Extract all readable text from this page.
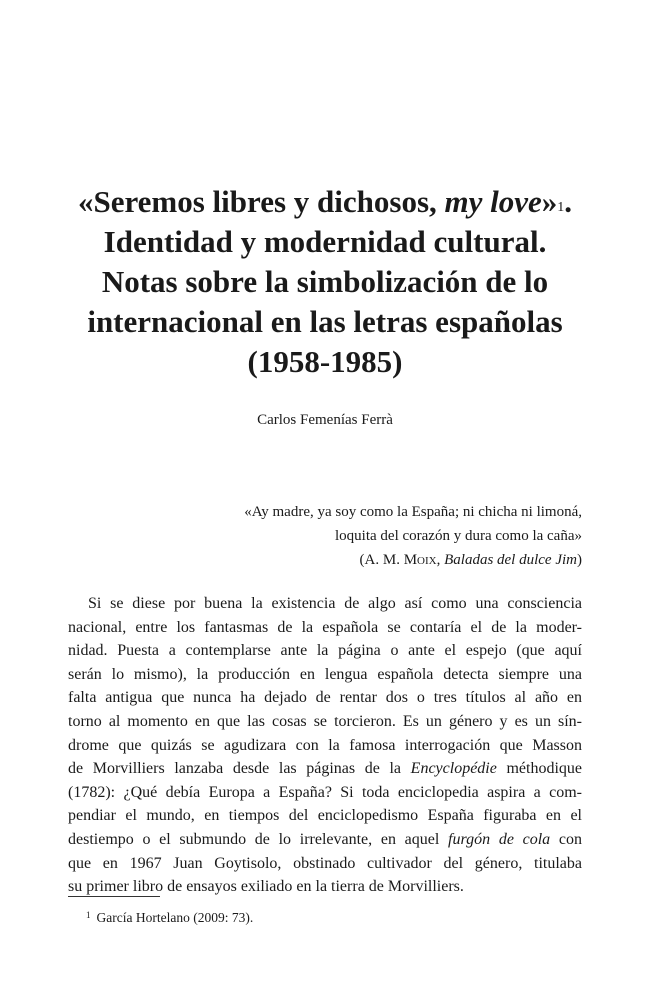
«Seremos libres y dichosos, my love»$^1$.
Identidad y modernidad cultural.
Notas sobre la simbolización de lo
internacional en las letras españolas
(1958-1985)
Carlos Femenías Ferrà
«Ay madre, ya soy como la España; ni chicha ni limoná,
loquita del corazón y dura como la caña»
(A. M. Moix, Baladas del dulce Jim)
Si se diese por buena la existencia de algo así como una consciencia
nacional, entre los fantasmas de la española se contaría el de la moder-
nidad. Puesta a contemplarse ante la página o ante el espejo (que aquí
serán lo mismo), la producción en lengua española detecta siempre una
falta antigua que nunca ha dejado de rentar dos o tres títulos al año en
torno al momento en que las cosas se torcieron. Es un género y es un sín-
drome que quizás se agudizara con la famosa interrogación que Masson
de Morvilliers lanzaba desde las páginas de la Encyclopédie méthodique
(1782): ¿Qué debía Europa a España? Si toda enciclopedia aspira a com-
pendiar el mundo, en tiempos del enciclopedismo España figuraba en el
destiempo o el submundo de lo irrelevante, en aquel furgón de cola con
que en 1967 Juan Goytisolo, obstinado cultivador del género, titulaba
su primer libro de ensayos exiliado en la tierra de Morvilliers.
$^1$ García Hortelano (2009: 73).
